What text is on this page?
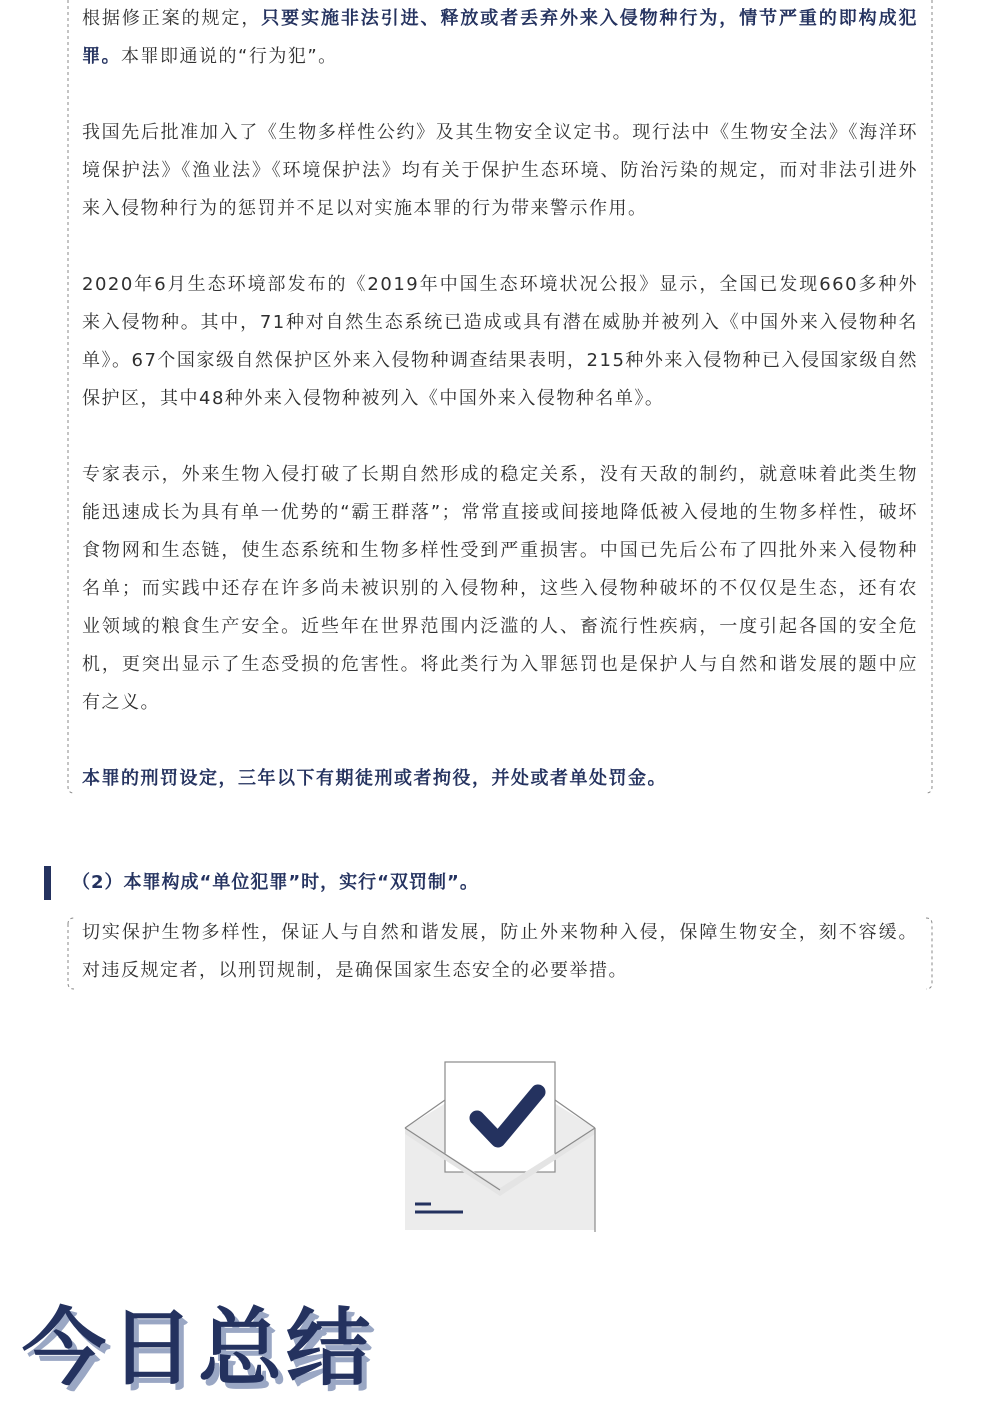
根据修正案的规定，只要实施非法引进、释放或者丢弃外来入侵物种行为，情节严重的即构成犯罪。本罪即通说的“行为犯”。

我国先后批准加入了《生物多样性公约》及其生物安全议定书。现行法中《生物安全法》《海洋环境保护法》《渔业法》《环境保护法》均有关于保护生态环境、防治污染的规定，而对非法引进外来入侵物种行为的惩罚并不足以对实施本罪的行为带来警示作用。

2020年6月生态环境部发布的《2019年中国生态环境状况公报》显示，全国已发现660多种外来入侵物种。其中，71种对自然生态系统已造成或具有潜在威胁并被列入《中国外来入侵物种名单》。67个国家级自然保护区外来入侵物种调查结果表明，215种外来入侵物种已入侵国家级自然保护区，其中48种外来入侵物种被列入《中国外来入侵物种名单》。

专家表示，外来生物入侵打破了长期自然形成的稳定关系，没有天敌的制约，就意味着此类生物能迅速成长为具有单一优势的“霸王群落”；常常直接或间接地降低被入侵地的生物多样性，破坏食物网和生态链，使生态系统和生物多样性受到严重损害。中国已先后公布了四批外来入侵物种名单；而实践中还存在许多尚未被识别的入侵物种，这些入侵物种破坏的不仅仅是生态，还有农业领域的粮食生产安全。近些年在世界范围内泛滥的人、畜流行性疾病，一度引起各国的安全危机，更突出显示了生态受损的危害性。将此类行为入罪惩罚也是保护人与自然和谐发展的题中应有之义。

本罪的刑罚设定，三年以下有期徒刑或者拘役，并处或者单处罚金。

（2）本罪构成“单位犯罪”时，实行“双罚制”。

切实保护生物多样性，保证人与自然和谐发展，防止外来物种入侵，保障生物安全，刻不容缓。对违反规定者，以刑罚规制，是确保国家生态安全的必要举措。

今日总结
